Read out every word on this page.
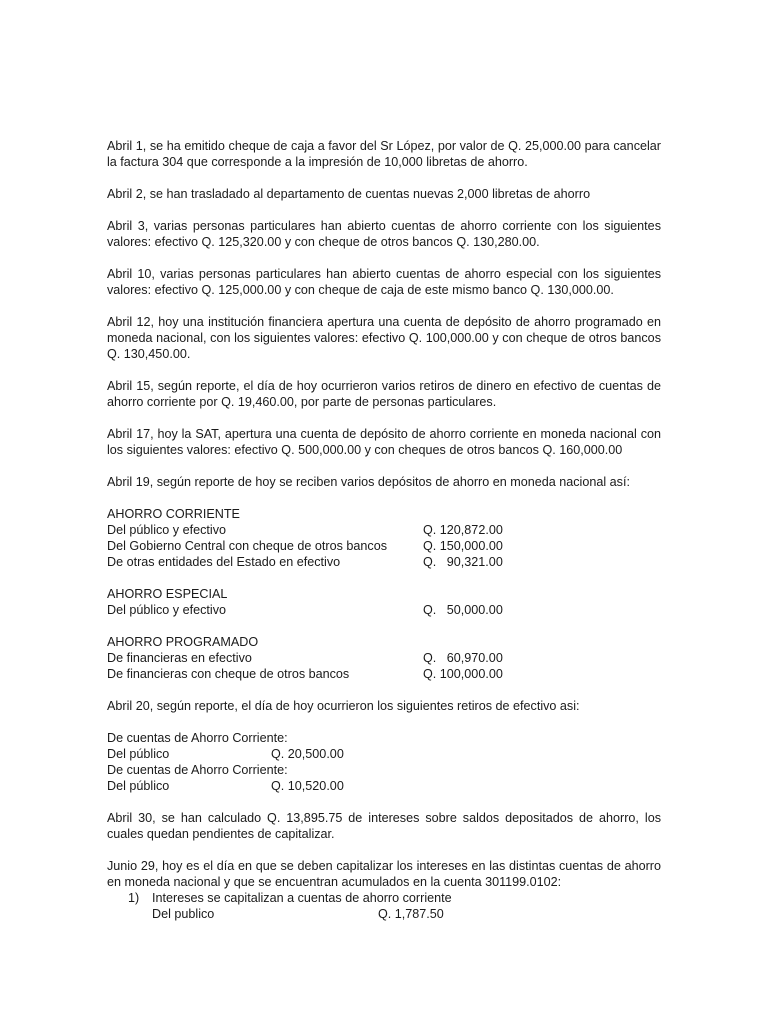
Abril 1, se ha emitido cheque de caja a favor del Sr López, por valor de Q. 25,000.00 para cancelar la factura 304 que corresponde a la impresión de 10,000 libretas de ahorro.

Abril 2, se han trasladado al departamento de cuentas nuevas 2,000 libretas de ahorro

Abril 3, varias personas particulares han abierto cuentas de ahorro corriente con los siguientes valores: efectivo Q. 125,320.00 y con cheque de otros bancos Q. 130,280.00.

Abril 10, varias personas particulares han abierto cuentas de ahorro especial con los siguientes valores: efectivo Q. 125,000.00 y con cheque de caja de este mismo banco Q. 130,000.00.

Abril 12, hoy una institución financiera apertura una cuenta de depósito de ahorro programado en moneda nacional, con los siguientes valores: efectivo Q. 100,000.00 y con cheque de otros bancos Q. 130,450.00.

Abril 15, según reporte, el día de hoy ocurrieron varios retiros de dinero en efectivo de cuentas de ahorro corriente por Q. 19,460.00, por parte de personas particulares.

Abril 17, hoy la SAT, apertura una cuenta de depósito de ahorro corriente en moneda nacional con los siguientes valores: efectivo Q. 500,000.00 y con cheques de otros bancos Q. 160,000.00

Abril 19, según reporte de hoy se reciben varios depósitos de ahorro en moneda nacional así:

AHORRO CORRIENTE
Del público y efectivo	Q. 120,872.00
Del Gobierno Central con cheque de otros bancos	Q. 150,000.00
De otras entidades del Estado en efectivo	Q.   90,321.00
AHORRO ESPECIAL
Del público y efectivo	Q.   50,000.00
AHORRO PROGRAMADO
De financieras en efectivo	Q.   60,970.00
De financieras con cheque de otros bancos	Q. 100,000.00

Abril 20, según reporte, el día de hoy ocurrieron los siguientes retiros de efectivo asi:

De cuentas de Ahorro Corriente:
Del público	Q. 20,500.00
De cuentas de Ahorro Corriente:
Del público	Q. 10,520.00

Abril 30, se han calculado Q. 13,895.75 de intereses sobre saldos depositados de ahorro, los cuales quedan pendientes de capitalizar.

Junio 29, hoy es el día en que se deben capitalizar los intereses en las distintas cuentas de ahorro en moneda nacional y que se encuentran acumulados en la cuenta 301199.0102:

1)	Intereses se capitalizan a cuentas de ahorro corriente
Del publico	Q. 1,787.50
